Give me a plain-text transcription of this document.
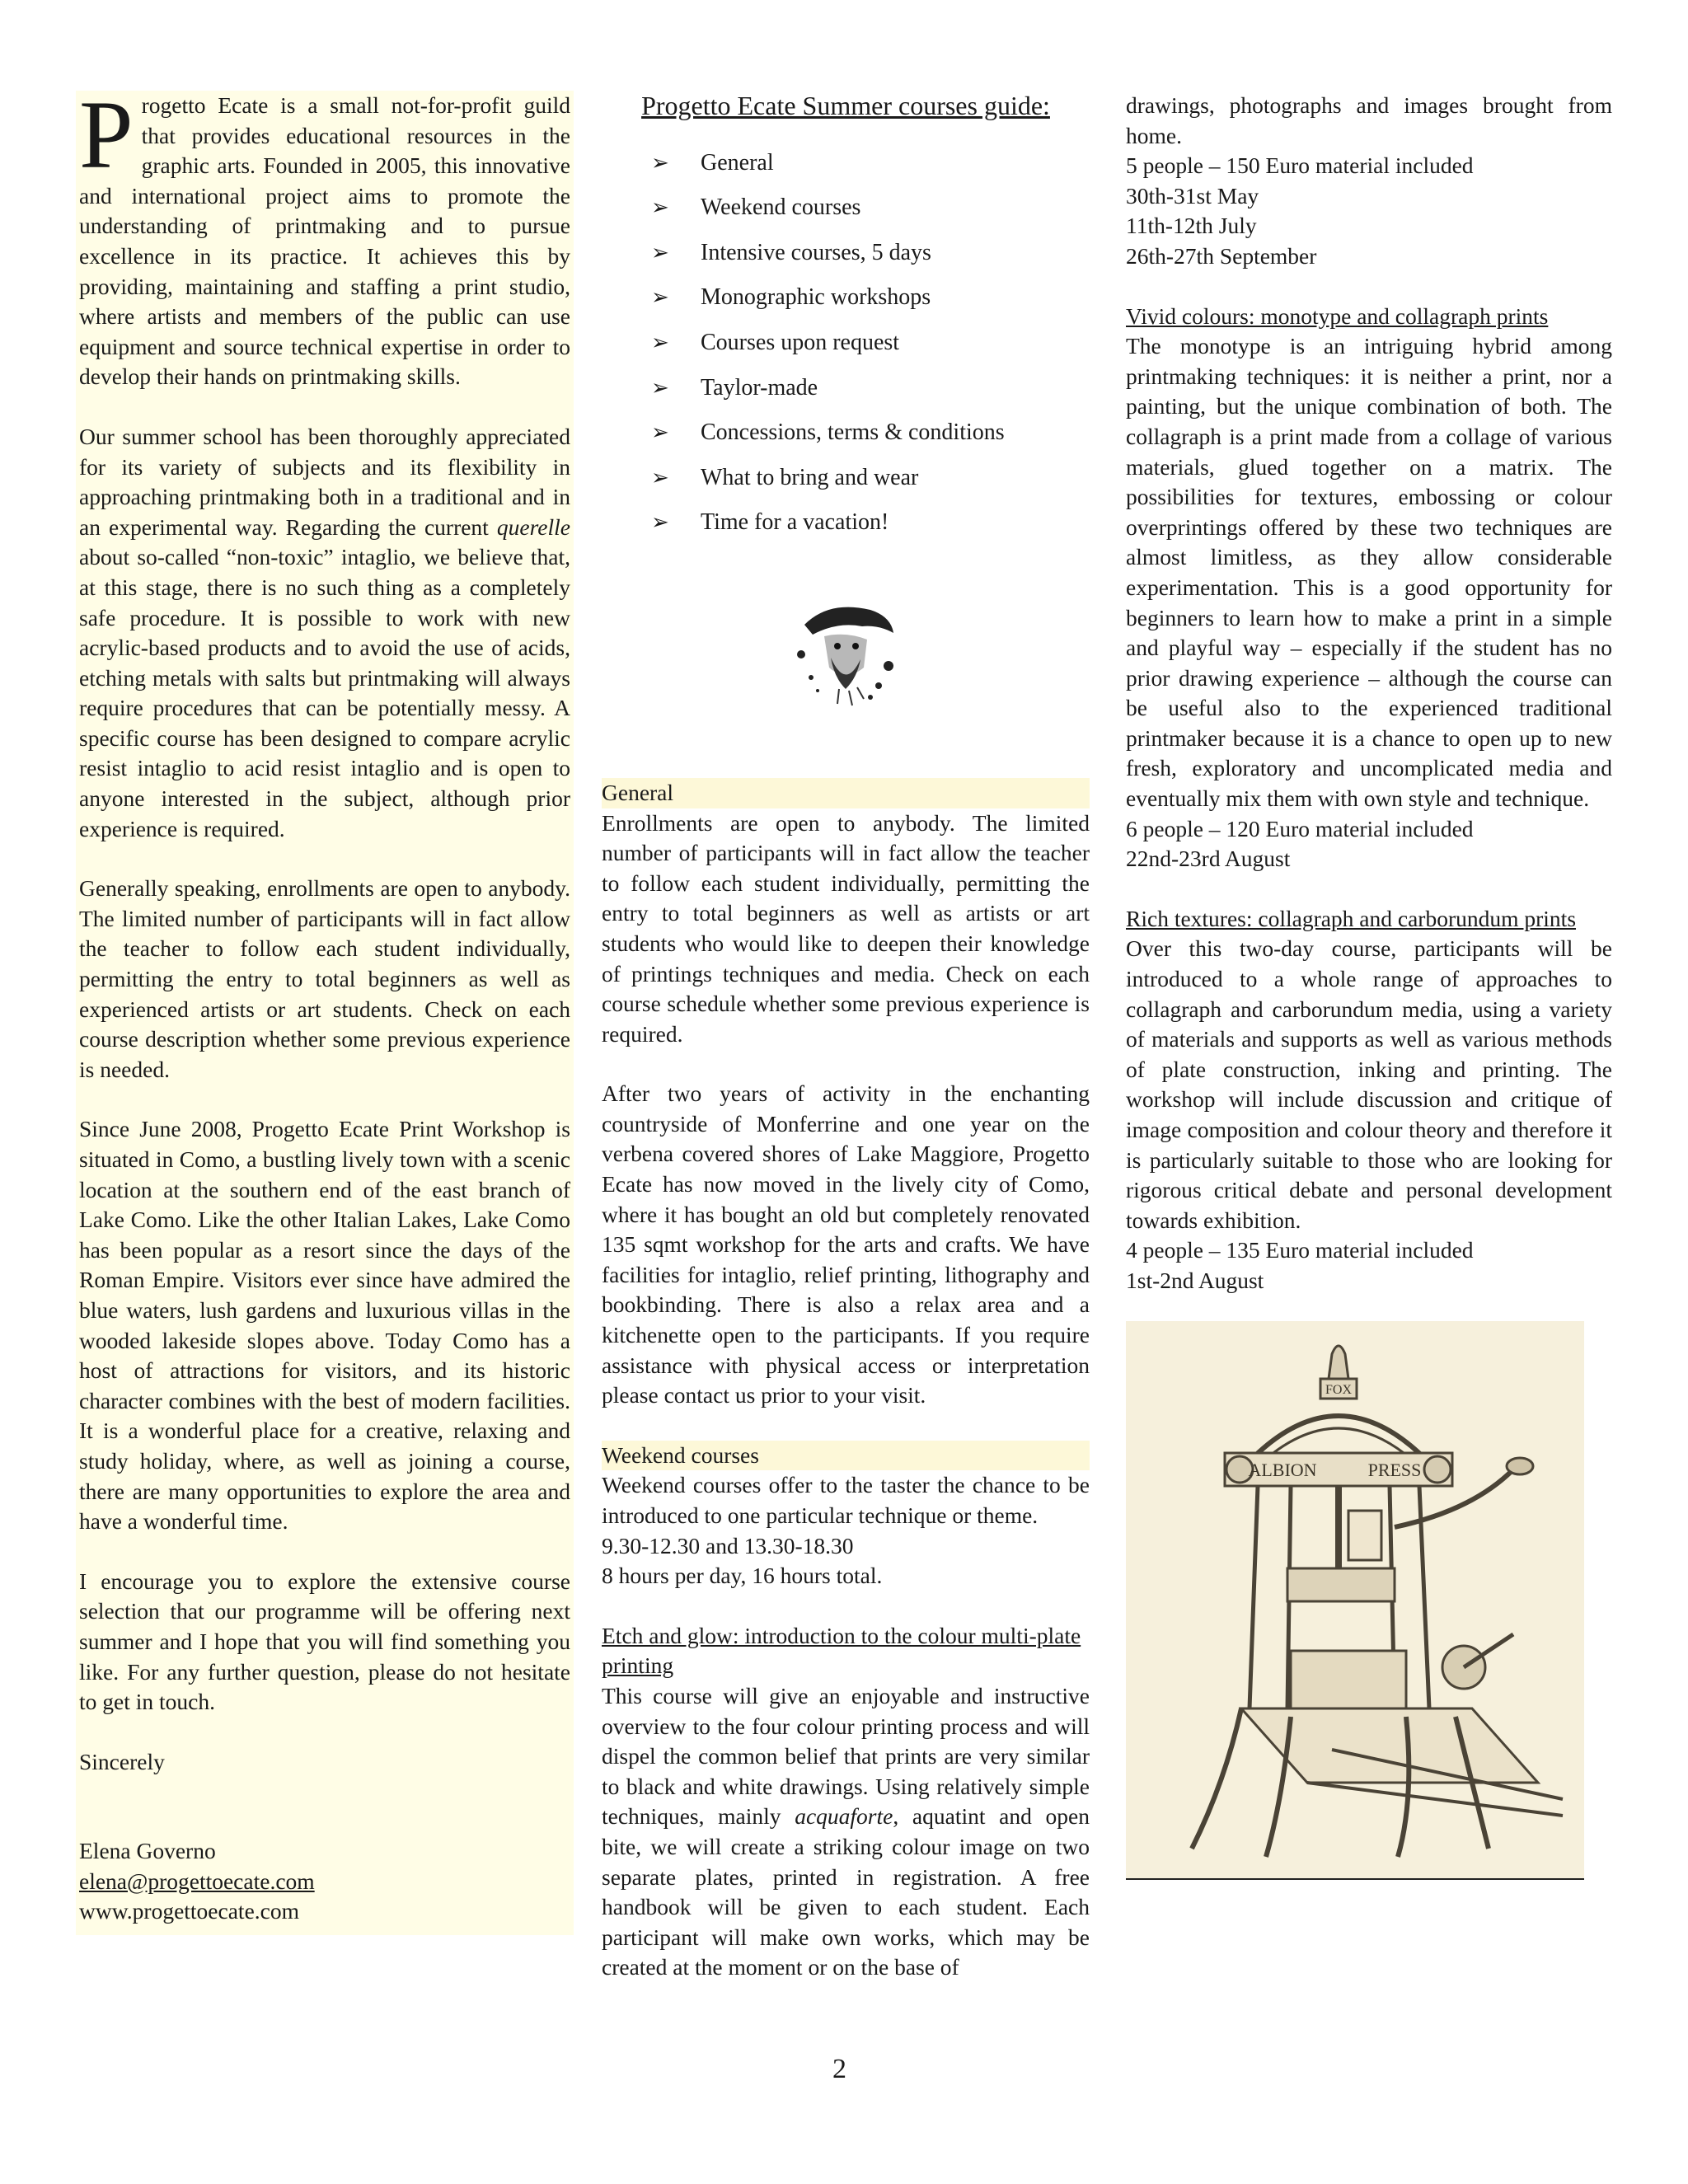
Progetto Ecate is a small not-for-profit guild that provides educational resources in the graphic arts. Founded in 2005, this innovative and international project aims to promote the understanding of printmaking and to pursue excellence in its practice. It achieves this by providing, maintaining and staffing a print studio, where artists and members of the public can use equipment and source technical expertise in order to develop their hands on printmaking skills.

Our summer school has been thoroughly appreciated for its variety of subjects and its flexibility in approaching printmaking both in a traditional and in an experimental way. Regarding the current querelle about so-called “non-toxic” intaglio, we believe that, at this stage, there is no such thing as a completely safe procedure. It is possible to work with new acrylic-based products and to avoid the use of acids, etching metals with salts but printmaking will always require procedures that can be potentially messy. A specific course has been designed to compare acrylic resist intaglio to acid resist intaglio and is open to anyone interested in the subject, although prior experience is required.

Generally speaking, enrollments are open to anybody. The limited number of participants will in fact allow the teacher to follow each student individually, permitting the entry to total beginners as well as experienced artists or art students. Check on each course description whether some previous experience is needed.

Since June 2008, Progetto Ecate Print Workshop is situated in Como, a bustling lively town with a scenic location at the southern end of the east branch of Lake Como. Like the other Italian Lakes, Lake Como has been popular as a resort since the days of the Roman Empire. Visitors ever since have admired the blue waters, lush gardens and luxurious villas in the wooded lakeside slopes above. Today Como has a host of attractions for visitors, and its historic character combines with the best of modern facilities. It is a wonderful place for a creative, relaxing and study holiday, where, as well as joining a course, there are many opportunities to explore the area and have a wonderful time.

I encourage you to explore the extensive course selection that our programme will be offering next summer and I hope that you will find something you like. For any further question, please do not hesitate to get in touch.

Sincerely

Elena Governo
elena@progettoecate.com
www.progettoecate.com
Progetto Ecate Summer courses guide:
➢ General
➢ Weekend courses
➢ Intensive courses, 5 days
➢ Monographic workshops
➢ Courses upon request
➢ Taylor-made
➢ Concessions, terms & conditions
➢ What to bring and wear
➢ Time for a vacation!
General

Enrollments are open to anybody. The limited number of participants will in fact allow the teacher to follow each student individually, permitting the entry to total beginners as well as artists or art students who would like to deepen their knowledge of printings techniques and media. Check on each course schedule whether some previous experience is required.

After two years of activity in the enchanting countryside of Monferrine and one year on the verbena covered shores of Lake Maggiore, Progetto Ecate has now moved in the lively city of Como, where it has bought an old but completely renovated 135 sqmt workshop for the arts and crafts. We have facilities for intaglio, relief printing, lithography and bookbinding. There is also a relax area and a kitchenette open to the participants. If you require assistance with physical access or interpretation please contact us prior to your visit.

Weekend courses
Weekend courses offer to the taster the chance to be introduced to one particular technique or theme.
9.30-12.30 and 13.30-18.30

8 hours per day, 16 hours total.

Etch and glow: introduction to the colour multi-plate printing
This course will give an enjoyable and instructive overview to the four colour printing process and will dispel the common belief that prints are very similar to black and white drawings. Using relatively simple techniques, mainly acquaforte, aquatint and open bite, we will create a striking colour image on two separate plates, printed in registration. A free handbook will be given to each student. Each participant will make own works, which may be created at the moment or on the base of
drawings, photographs and images brought from home.
5 people – 150 Euro material included
30th-31st May
11th-12th July

26th-27th September

Vivid colours: monotype and collagraph prints
The monotype is an intriguing hybrid among printmaking techniques: it is neither a print, nor a painting, but the unique combination of both. The collagraph is a print made from a collage of various materials, glued together on a matrix. The possibilities for textures, embossing or colour overprintings offered by these two techniques are almost limitless, as they allow considerable experimentation. This is a good opportunity for beginners to learn how to make a print in a simple and playful way – especially if the student has no prior drawing experience – although the course can be useful also to the experienced traditional printmaker because it is a chance to open up to new fresh, exploratory and uncomplicated media and eventually mix them with own style and technique.
6 people – 120 Euro material included

22nd-23rd August

Rich textures: collagraph and carborundum prints
Over this two-day course, participants will be introduced to a whole range of approaches to collagraph and carborundum media, using a variety of materials and supports as well as various methods of plate construction, inking and printing. The workshop will include discussion and critique of image composition and colour theory and therefore it is particularly suitable to those who are looking for rigorous critical debate and personal development towards exhibition.
4 people – 135 Euro material included
1st-2nd August
FOX
ALBION	PRESS
2
